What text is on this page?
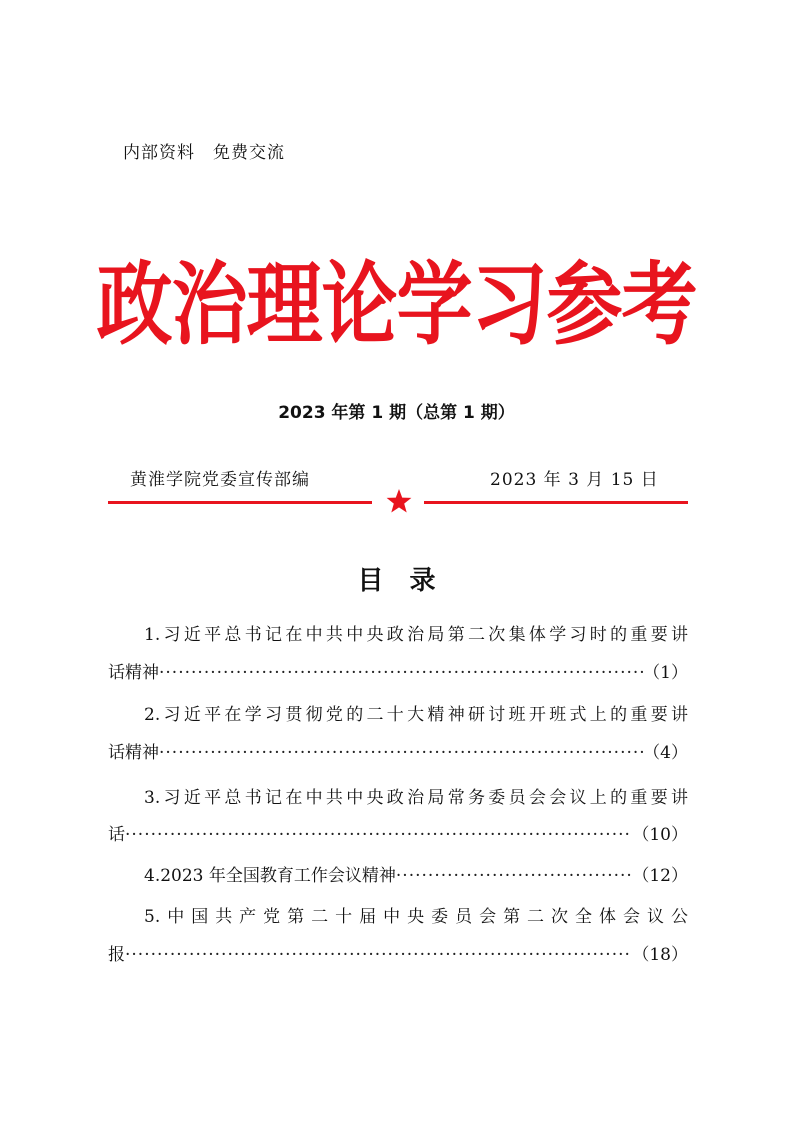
内部资料　免费交流
政治理论学习参考
2023 年第 1 期（总第 1 期）
黄淮学院党委宣传部编	2023 年 3 月 15 日
目录
1.习近平总书记在中共中央政治局第二次集体学习时的重要讲
话精神 ·····	（1）
2.习近平在学习贯彻党的二十大精神研讨班开班式上的重要讲
话精神 ·····	（4）
3.习近平总书记在中共中央政治局常务委员会会议上的重要讲
话 ·····	（10）
4.2023 年全国教育工作会议精神 ·····	（12）
5.中国共产党第二十届中央委员会第二次全体会议公
报 ·····	（18）
